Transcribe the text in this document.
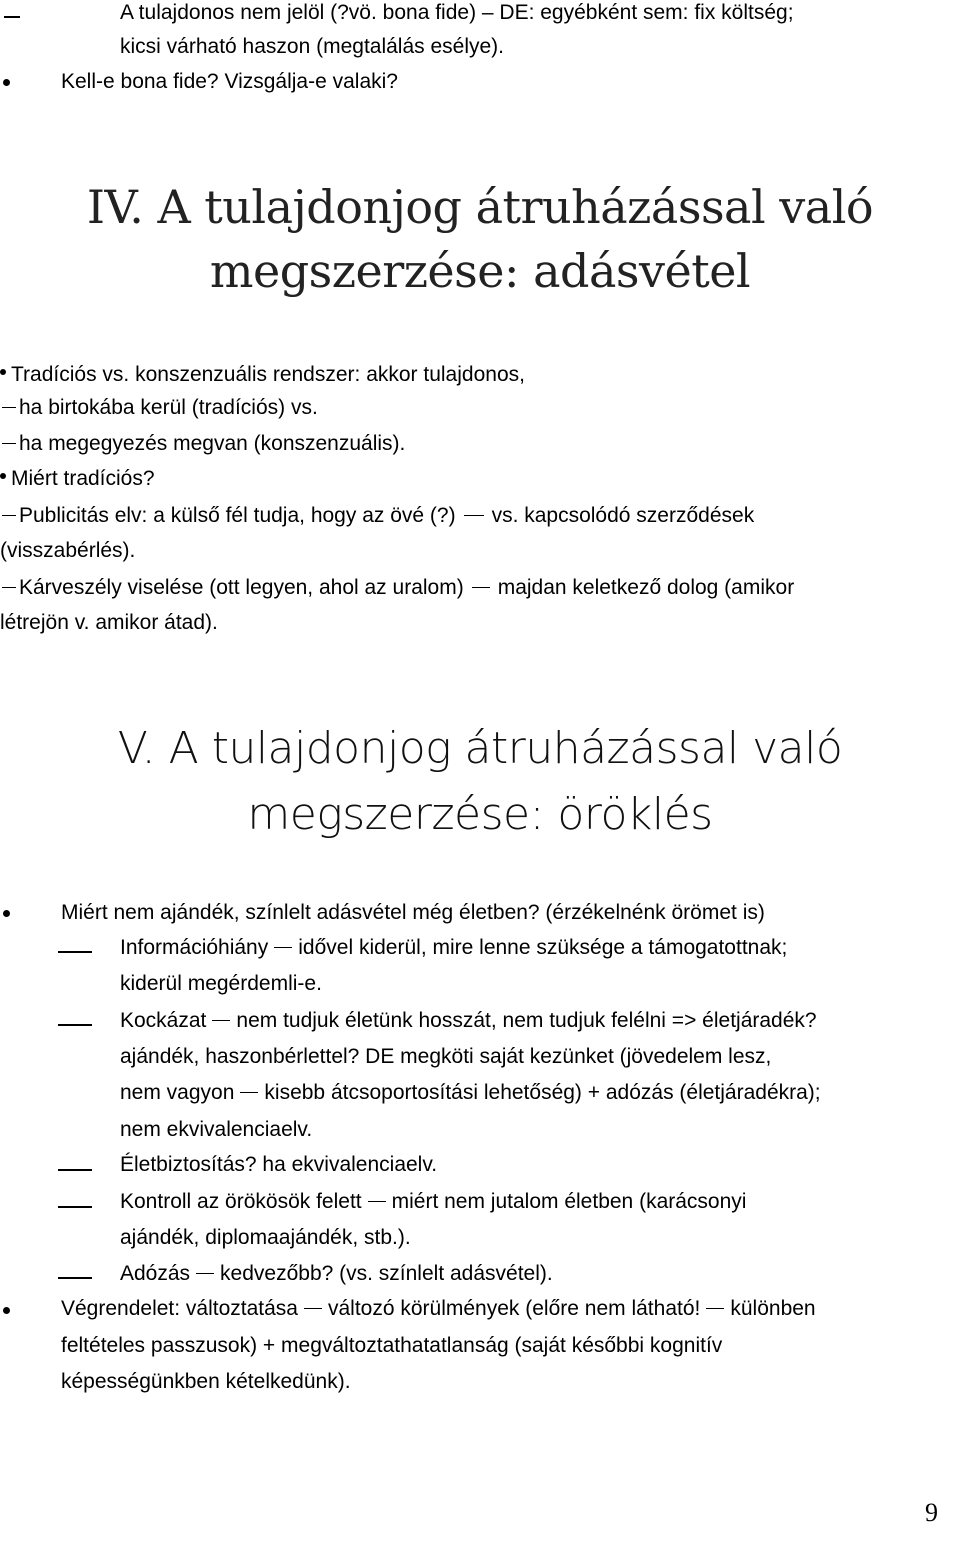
A tulajdonos nem jelöl (?vö. bona fide) – DE: egyébként sem: fix költség;
kicsi várható haszon (megtalálás esélye).
Kell-e bona fide? Vizsgálja-e valaki?
IV. A tulajdonjog átruházással való
megszerzése: adásvétel
Tradíciós vs. konszenzuális rendszer: akkor tulajdonos,
ha birtokába kerül (tradíciós) vs.
ha megegyezés megvan (konszenzuális).
Miért tradíciós?
Publicitás elv: a külső fél tudja, hogy az övé (?) vs. kapcsolódó szerződések
(visszabérlés).
Kárveszély viselése (ott legyen, ahol az uralom) majdan keletkező dolog (amikor
létrejön v. amikor átad).
V. A tulajdonjog átruházással való
megszerzése: öröklés
Miért nem ajándék, színlelt adásvétel még életben? (érzékelnénk örömet is)
Információhiány idővel kiderül, mire lenne szüksége a támogatottnak;
kiderül megérdemli-e.
Kockázat nem tudjuk életünk hosszát, nem tudjuk felélni => életjáradék?
ajándék, haszonbérlettel? DE megköti saját kezünket (jövedelem lesz,
nem vagyon kisebb átcsoportosítási lehetőség) + adózás (életjáradékra);
nem ekvivalenciaelv.
Életbiztosítás? ha ekvivalenciaelv.
Kontroll az örökösök felett miért nem jutalom életben (karácsonyi
ajándék, diplomaajándék, stb.).
Adózás kedvezőbb? (vs. színlelt adásvétel).
Végrendelet: változtatása változó körülmények (előre nem látható! különben
feltételes passzusok) + megváltoztathatatlanság (saját későbbi kognitív
képességünkben kételkedünk).
9
